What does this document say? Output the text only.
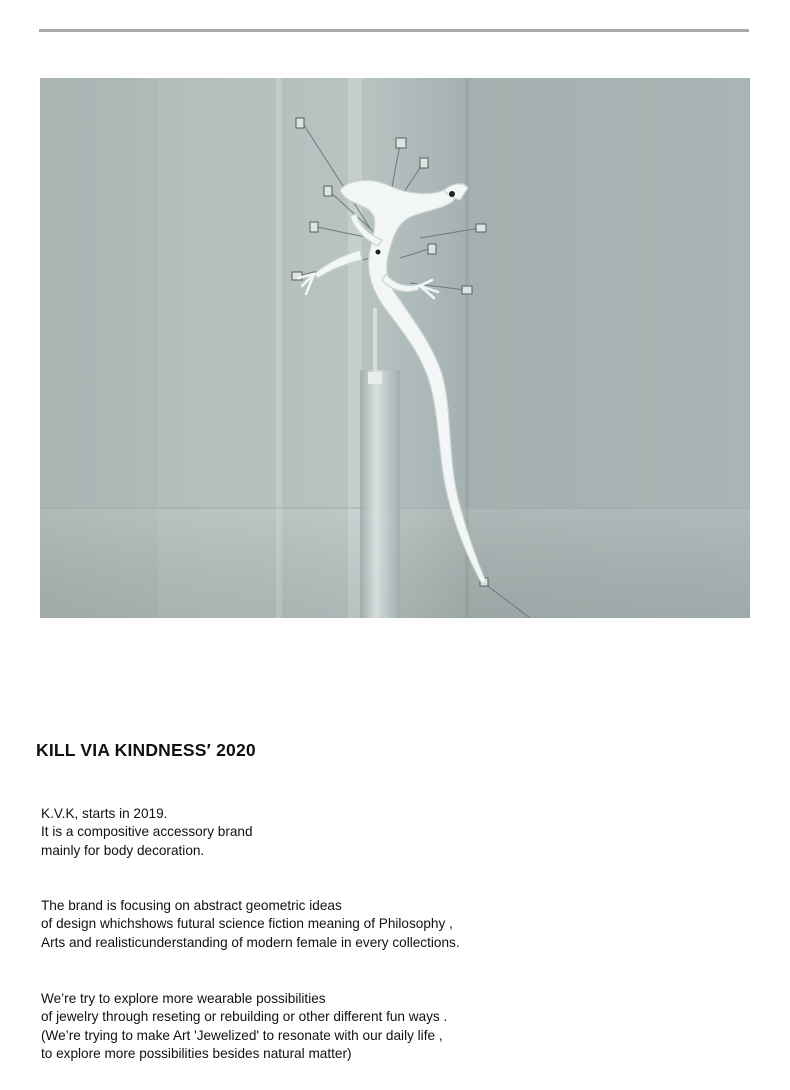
KILL VIA KINDNESS′ 2020

K.V.K, starts in 2019.
It is a compositive accessory brand
mainly for body decoration.

The brand is focusing on abstract geometric ideas
of design whichshows futural science fiction meaning of Philosophy ,
Arts and realisticunderstanding of modern female in every collections.

We’re try to explore more wearable possibilities
of jewelry through reseting or rebuilding or other different fun ways .
(We’re trying to make Art 'Jewelized' to resonate with our daily life ,
to explore more possibilities besides natural matter)
